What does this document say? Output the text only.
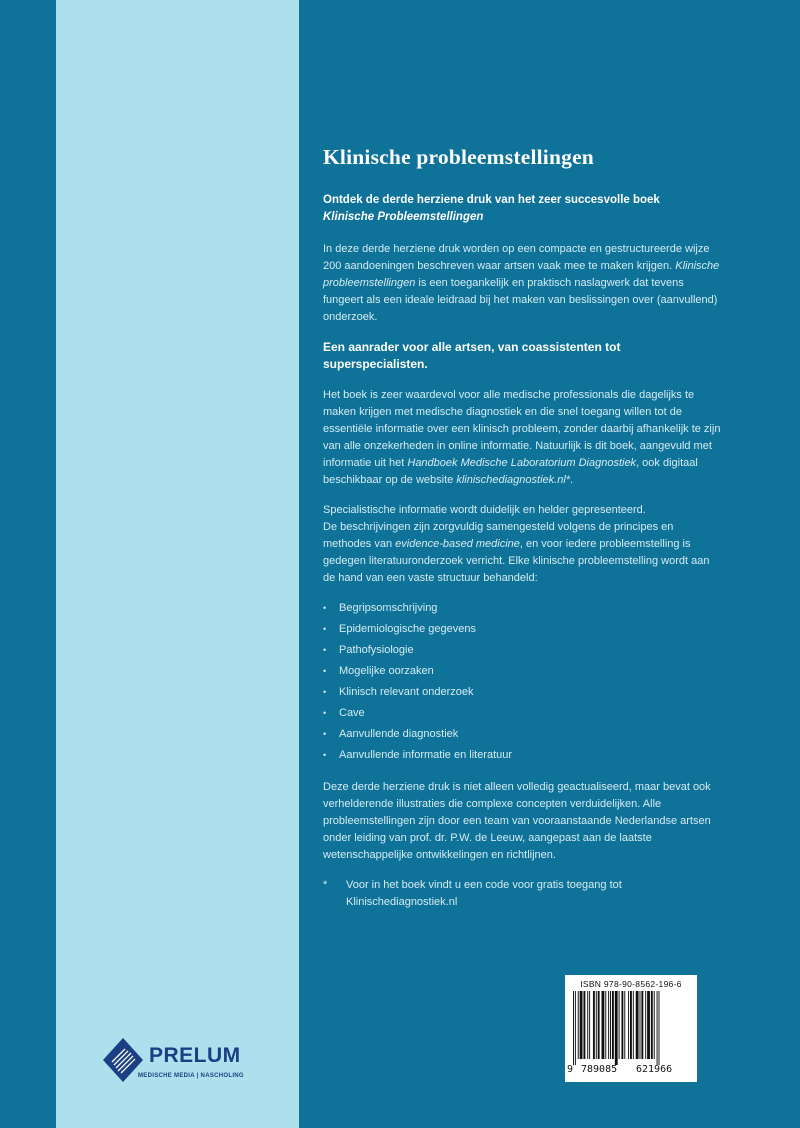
Klinische probleemstellingen
Ontdek de derde herziene druk van het zeer succesvolle boek
Klinische Probleemstellingen

In deze derde herziene druk worden op een compacte en gestructureerde wijze 200 aandoeningen beschreven waar artsen vaak mee te maken krijgen. Klinische probleemstellingen is een toegankelijk en praktisch naslagwerk dat tevens fungeert als een ideale leidraad bij het maken van beslissingen over (aanvullend) onderzoek.

Een aanrader voor alle artsen, van coassistenten tot superspecialisten.

Het boek is zeer waardevol voor alle medische professionals die dagelijks te maken krijgen met medische diagnostiek en die snel toegang willen tot de essentiële informatie over een klinisch probleem, zonder daarbij afhankelijk te zijn van alle onzekerheden in online informatie. Natuurlijk is dit boek, aangevuld met informatie uit het Handboek Medische Laboratorium Diagnostiek, ook digitaal beschikbaar op de website klinischediagnostiek.nl*.

Specialistische informatie wordt duidelijk en helder gepresenteerd.
De beschrijvingen zijn zorgvuldig samengesteld volgens de principes en methodes van evidence-based medicine, en voor iedere probleemstelling is gedegen literatuuronderzoek verricht. Elke klinische probleemstelling wordt aan de hand van een vaste structuur behandeld:

• Begripsomschrijving
• Epidemiologische gegevens
• Pathofysiologie
• Mogelijke oorzaken
• Klinisch relevant onderzoek
• Cave
• Aanvullende diagnostiek
• Aanvullende informatie en literatuur

Deze derde herziene druk is niet alleen volledig geactualiseerd, maar bevat ook verhelderende illustraties die complexe concepten verduidelijken. Alle probleemstellingen zijn door een team van vooraanstaande Nederlandse artsen onder leiding van prof. dr. P.W. de Leeuw, aangepast aan de laatste wetenschappelijke ontwikkelingen en richtlijnen.

* Voor in het boek vindt u een code voor gratis toegang tot Klinischediagnostiek.nl
PRELUM
MEDISCHE MEDIA | NASCHOLING
ISBN 978-90-8562-196-6
9 789085 621966
